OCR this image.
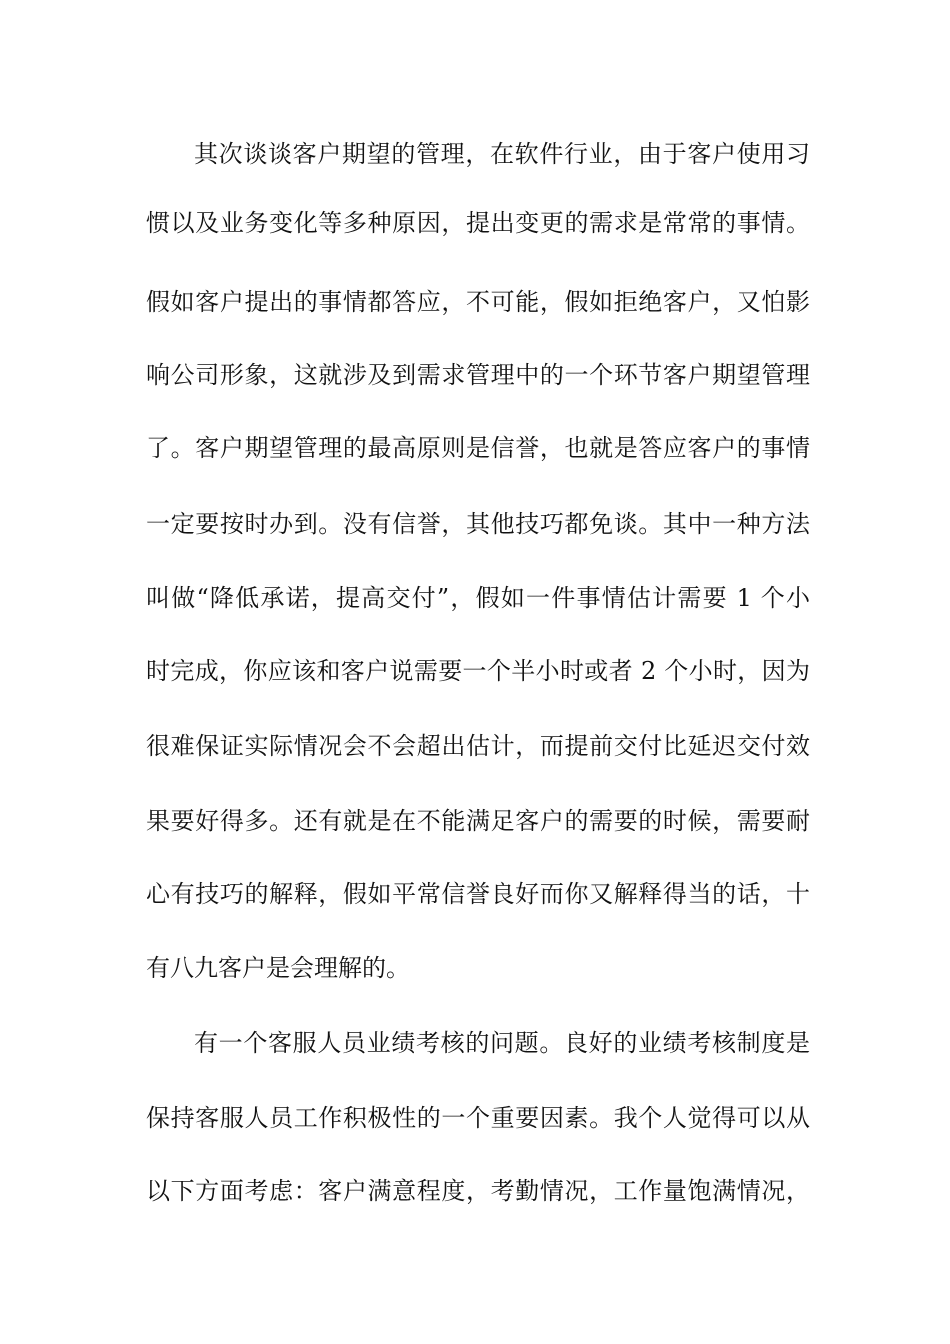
其次谈谈客户期望的管理，在软件行业，由于客户使用习
惯以及业务变化等多种原因，提出变更的需求是常常的事情。
假如客户提出的事情都答应，不可能，假如拒绝客户，又怕影
响公司形象，这就涉及到需求管理中的一个环节客户期望管理
了。客户期望管理的最高原则是信誉，也就是答应客户的事情
一定要按时办到。没有信誉，其他技巧都免谈。其中一种方法
叫做“降低承诺，提高交付”，假如一件事情估计需要 1 个小
时完成，你应该和客户说需要一个半小时或者 2 个小时，因为
很难保证实际情况会不会超出估计，而提前交付比延迟交付效
果要好得多。还有就是在不能满足客户的需要的时候，需要耐
心有技巧的解释，假如平常信誉良好而你又解释得当的话，十
有八九客户是会理解的。
有一个客服人员业绩考核的问题。良好的业绩考核制度是
保持客服人员工作积极性的一个重要因素。我个人觉得可以从
以下方面考虑：客户满意程度，考勤情况，工作量饱满情况，
